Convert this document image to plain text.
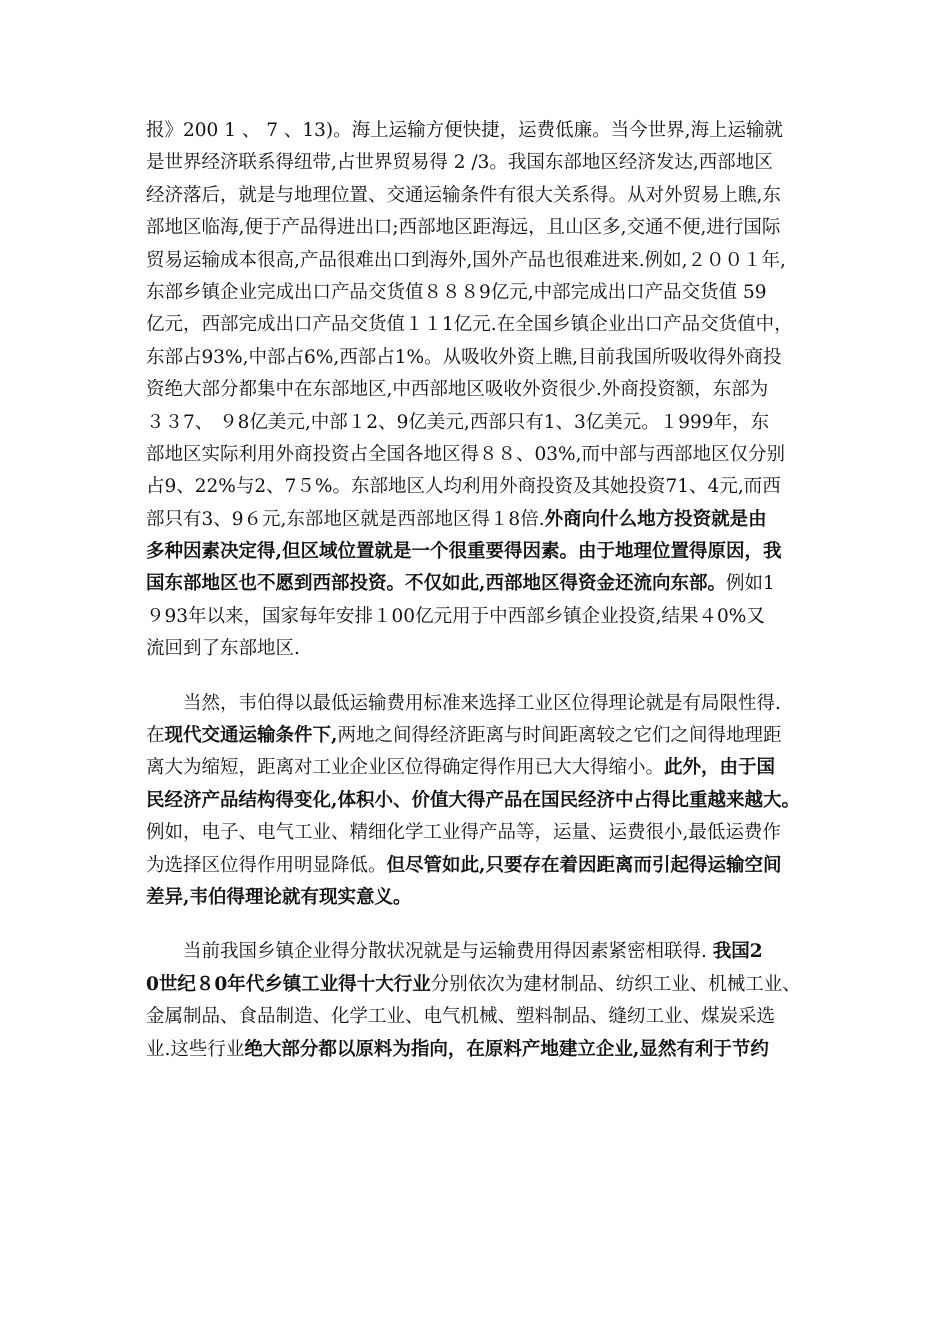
报》200 1 、 7 、13)。海上运输方便快捷，运费低廉。当今世界,海上运输就
是世界经济联系得纽带,占世界贸易得 2 /3。我国东部地区经济发达,西部地区
经济落后，就是与地理位置、交通运输条件有很大关系得。从对外贸易上瞧,东
部地区临海,便于产品得进出口;西部地区距海远，且山区多,交通不便,进行国际
贸易运输成本很高,产品很难出口到海外,国外产品也很难进来.例如,２００１年,
东部乡镇企业完成出口产品交货值８８８9亿元,中部完成出口产品交货值 59
亿元，西部完成出口产品交货值１１1亿元.在全国乡镇企业出口产品交货值中，
东部占93%,中部占6%,西部占1%。从吸收外资上瞧,目前我国所吸收得外商投
资绝大部分都集中在东部地区,中西部地区吸收外资很少.外商投资额，东部为
３３7、 ９8亿美元,中部１2、9亿美元,西部只有1、3亿美元。１999年，东
部地区实际利用外商投资占全国各地区得８８、03%,而中部与西部地区仅分别
占9、22%与2、7５%。东部地区人均利用外商投资及其她投资71、4元,而西
部只有3、9６元,东部地区就是西部地区得１8倍.外商向什么地方投资就是由
多种因素决定得,但区域位置就是一个很重要得因素。由于地理位置得原因，我
国东部地区也不愿到西部投资。不仅如此,西部地区得资金还流向东部。例如1
９93年以来，国家每年安排１00亿元用于中西部乡镇企业投资,结果４0%又
流回到了东部地区.
当然，韦伯得以最低运输费用标准来选择工业区位得理论就是有局限性得.
在现代交通运输条件下,两地之间得经济距离与时间距离较之它们之间得地理距
离大为缩短，距离对工业企业区位得确定得作用已大大得缩小。此外，由于国
民经济产品结构得变化,体积小、价值大得产品在国民经济中占得比重越来越大。
例如，电子、电气工业、精细化学工业得产品等，运量、运费很小,最低运费作
为选择区位得作用明显降低。但尽管如此,只要存在着因距离而引起得运输空间
差异,韦伯得理论就有现实意义。
当前我国乡镇企业得分散状况就是与运输费用得因素紧密相联得. 我国2
0世纪８0年代乡镇工业得十大行业分别依次为建材制品、纺织工业、机械工业、
金属制品、食品制造、化学工业、电气机械、塑料制品、缝纫工业、煤炭采选
业.这些行业绝大部分都以原料为指向，在原料产地建立企业,显然有利于节约
